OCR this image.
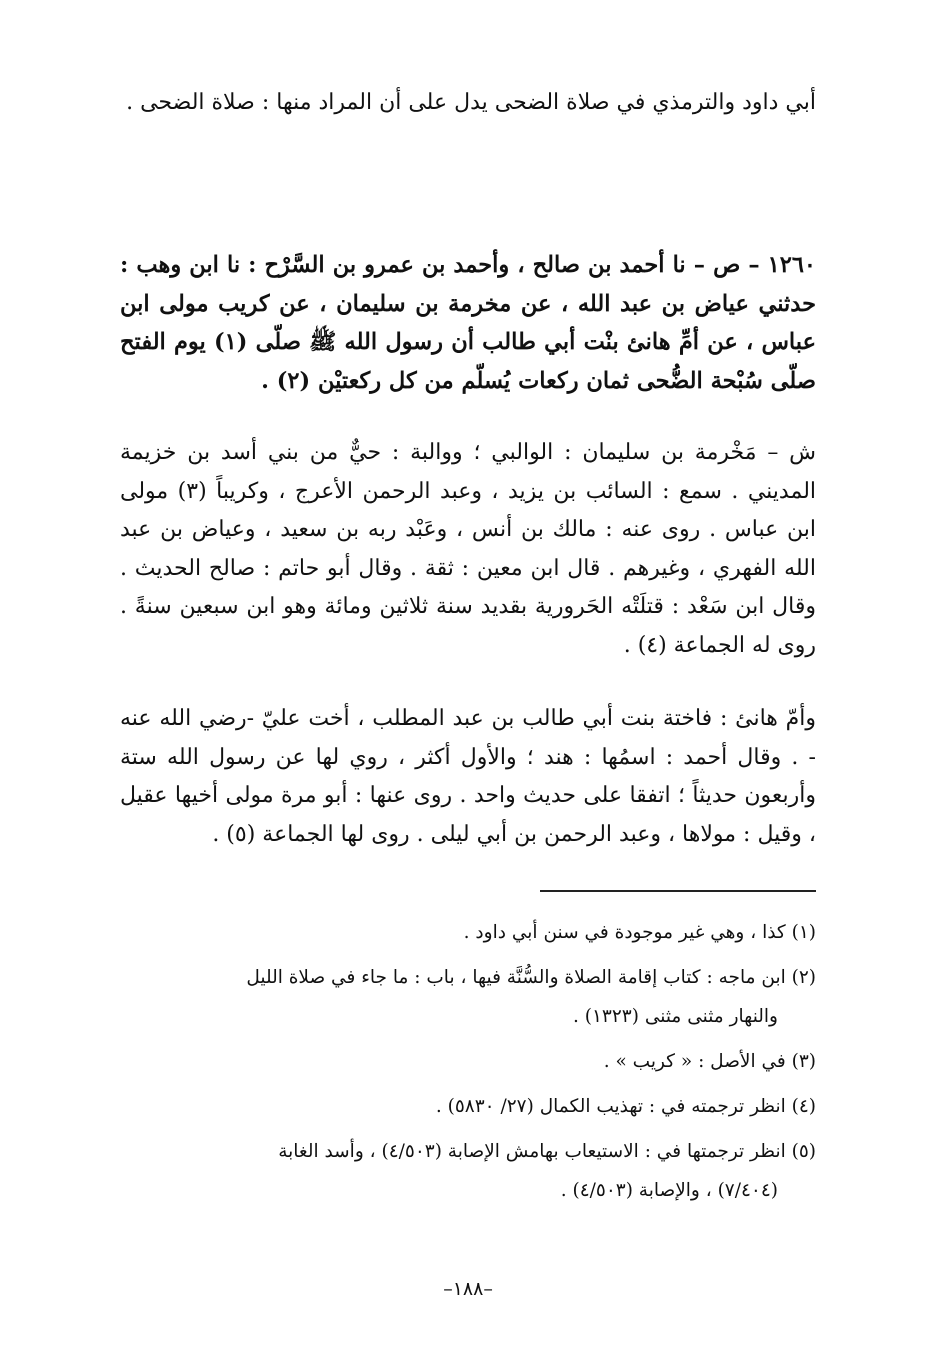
أبي داود والترمذي في صلاة الضحى يدل على أن المراد منها : صلاة الضحى .

١٢٦٠ – ص – نا أحمد بن صالح ، وأحمد بن عمرو بن السَّرْح : نا ابن وهب : حدثني عياض بن عبد الله ، عن مخرمة بن سليمان ، عن كريب مولى ابن عباس ، عن أمِّ هانئ بنْت أبي طالب أن رسول الله ﷺ صلّى (١) يوم الفتح صلّى سُبْحة الضُّحى ثمان ركعات يُسلّم من كل ركعتيْن (٢) .

ش – مَخْرمة بن سليمان : الوالبي ؛ ووالبة : حيٌّ من بني أسد بن خزيمة المديني . سمع : السائب بن يزيد ، وعبد الرحمن الأعرج ، وكريباً (٣) مولى ابن عباس . روى عنه : مالك بن أنس ، وعَبْد ربه بن سعيد ، وعياض بن عبد الله الفهري ، وغيرهم . قال ابن معين : ثقة . وقال أبو حاتم : صالح الحديث . وقال ابن سَعْد : قتلَتْه الحَرورية بقديد سنة ثلاثين ومائة وهو ابن سبعين سنةً . روى له الجماعة (٤) .

وأمّ هانئ : فاختة بنت أبي طالب بن عبد المطلب ، أخت عليّ -رضي الله عنه - . وقال أحمد : اسمُها : هند ؛ والأول أكثر ، روي لها عن رسول الله ستة وأربعون حديثاً ؛ اتفقا على حديث واحد . روى عنها : أبو مرة مولى أخيها عقيل ، وقيل : مولاها ، وعبد الرحمن بن أبي ليلى . روى لها الجماعة (٥) .

(١) كذا ، وهي غير موجودة في سنن أبي داود .

(٢) ابن ماجه : كتاب إقامة الصلاة والسُّنَّة فيها ، باب : ما جاء في صلاة الليل
والنهار مثنى مثنى (١٣٢٣) .

(٣) في الأصل : « كريب » .

(٤) انظر ترجمته في : تهذيب الكمال (٢٧/ ٥٨٣٠) .

(٥) انظر ترجمتها في : الاستيعاب بهامش الإصابة (٤/٥٠٣) ، وأسد الغابة
(٧/٤٠٤) ، والإصابة (٤/٥٠٣) .

–١٨٨–
